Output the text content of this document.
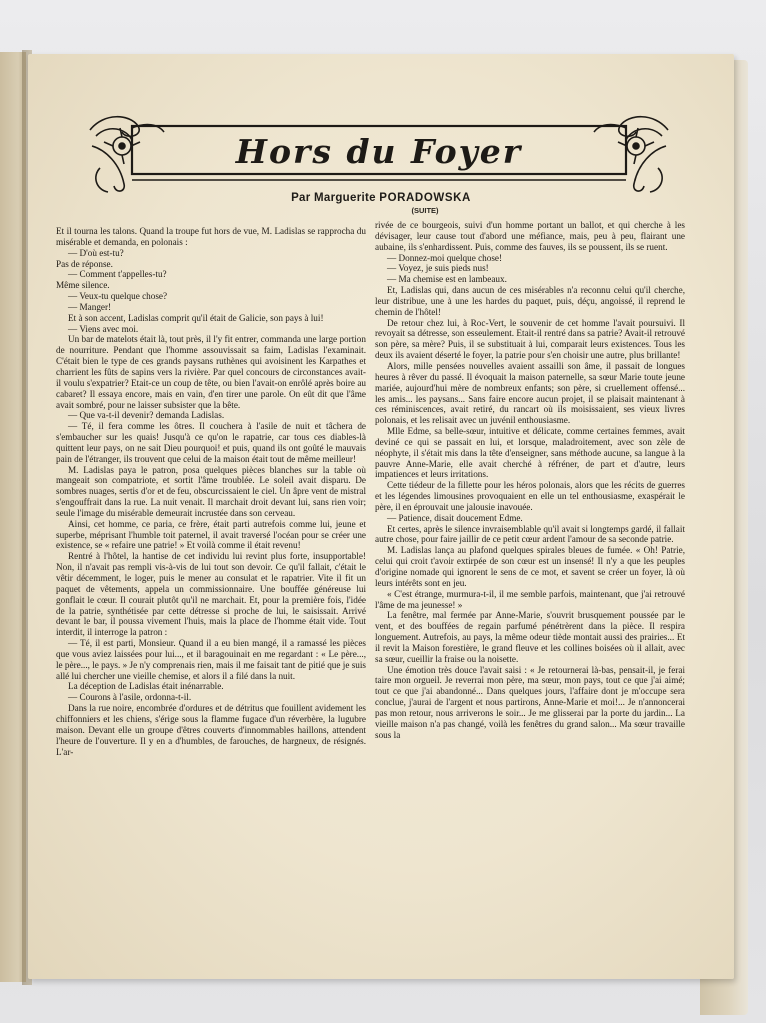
Hors du Foyer
Par Marguerite PORADOWSKA
(SUITE)

Et il tourna les talons. Quand la troupe fut hors de vue, M. Ladislas se rapprocha du misérable et demanda, en polonais :

— D'où est-tu?

Pas de réponse.

— Comment t'appelles-tu?

Même silence.

— Veux-tu quelque chose?

— Manger!

Et à son accent, Ladislas comprit qu'il était de Galicie, son pays à lui!

— Viens avec moi.

Un bar de matelots était là, tout près, il l'y fit entrer, commanda une large portion de nourriture. Pendant que l'homme assouvissait sa faim, Ladislas l'examinait. C'était bien le type de ces grands paysans ruthènes qui avoisinent les Karpathes et charrient les fûts de sapins vers la rivière. Par quel concours de circonstances avait-il voulu s'expatrier? Etait-ce un coup de tête, ou bien l'avait-on enrôlé après boire au cabaret? Il essaya encore, mais en vain, d'en tirer une parole. On eût dit que l'âme avait sombré, pour ne laisser subsister que la bête.

— Que va-t-il devenir? demanda Ladislas.

— Té, il fera comme les ôtres. Il couchera à l'asile de nuit et tâchera de s'embaucher sur les quais! Jusqu'à ce qu'on le rapatrie, car tous ces diables-là quittent leur pays, on ne sait Dieu pourquoi! et puis, quand ils ont goûté le mauvais pain de l'étranger, ils trouvent que celui de la maison était tout de même meilleur!

M. Ladislas paya le patron, posa quelques pièces blanches sur la table où mangeait son compatriote, et sortit l'âme troublée. Le soleil avait disparu. De sombres nuages, sertis d'or et de feu, obscurcissaient le ciel. Un âpre vent de mistral s'engouffrait dans la rue. La nuit venait. Il marchait droit devant lui, sans rien voir; seule l'image du misérable demeurait incrustée dans son cerveau.

Ainsi, cet homme, ce paria, ce frère, était parti autrefois comme lui, jeune et superbe, méprisant l'humble toit paternel, il avait traversé l'océan pour se créer une existence, se « refaire une patrie! » Et voilà comme il était revenu!

Rentré à l'hôtel, la hantise de cet individu lui revint plus forte, insupportable! Non, il n'avait pas rempli vis-à-vis de lui tout son devoir. Ce qu'il fallait, c'était le vêtir décemment, le loger, puis le mener au consulat et le rapatrier. Vite il fit un paquet de vêtements, appela un commissionnaire. Une bouffée généreuse lui gonflait le cœur. Il courait plutôt qu'il ne marchait. Et, pour la première fois, l'idée de la patrie, synthétisée par cette détresse si proche de lui, le saisissait. Arrivé devant le bar, il poussa vivement l'huis, mais la place de l'homme était vide. Tout interdit, il interroge la patron :

— Té, il est parti, Monsieur. Quand il a eu bien mangé, il a ramassé les pièces que vous aviez laissées pour lui..., et il baragouinait en me regardant : « Le père..., le père..., le pays. » Je n'y comprenais rien, mais il me faisait tant de pitié que je suis allé lui chercher une vieille chemise, et alors il a filé dans la nuit.

La déception de Ladislas était inénarrable.

— Courons à l'asile, ordonna-t-il.

Dans la rue noire, encombrée d'ordures et de détritus que fouillent avidement les chiffonniers et les chiens, s'érige sous la flamme fugace d'un réverbère, la lugubre maison. Devant elle un groupe d'êtres couverts d'innommables haillons, attendent l'heure de l'ouverture. Il y en a d'humbles, de farouches, de hargneux, de résignés. L'ar-

rivée de ce bourgeois, suivi d'un homme portant un ballot, et qui cherche à les dévisager, leur cause tout d'abord une méfiance, mais, peu à peu, flairant une aubaine, ils s'enhardissent. Puis, comme des fauves, ils se poussent, ils se ruent.

— Donnez-moi quelque chose!

— Voyez, je suis pieds nus!

— Ma chemise est en lambeaux.

Et, Ladislas qui, dans aucun de ces misérables n'a reconnu celui qu'il cherche, leur distribue, une à une les hardes du paquet, puis, déçu, angoissé, il reprend le chemin de l'hôtel!

De retour chez lui, à Roc-Vert, le souvenir de cet homme l'avait poursuivi. Il revoyait sa détresse, son esseulement. Etait-il rentré dans sa patrie? Avait-il retrouvé son père, sa mère? Puis, il se substituait à lui, comparait leurs existences. Tous les deux ils avaient déserté le foyer, la patrie pour s'en choisir une autre, plus brillante!

Alors, mille pensées nouvelles avaient assailli son âme, il passait de longues heures à rêver du passé. Il évoquait la maison paternelle, sa sœur Marie toute jeune mariée, aujourd'hui mère de nombreux enfants; son père, si cruellement offensé... les amis... les paysans... Sans faire encore aucun projet, il se plaisait maintenant à ces réminiscences, avait retiré, du rancart où ils moisissaient, ses vieux livres polonais, et les relisait avec un juvénil enthousiasme.

Mlle Edme, sa belle-sœur, intuitive et délicate, comme certaines femmes, avait deviné ce qui se passait en lui, et lorsque, maladroitement, avec son zèle de néophyte, il s'était mis dans la tête d'enseigner, sans méthode aucune, sa langue à la pauvre Anne-Marie, elle avait cherché à réfréner, de part et d'autre, leurs impatiences et leurs irritations.

Cette tiédeur de la fillette pour les héros polonais, alors que les récits de guerres et les légendes limousines provoquaient en elle un tel enthousiasme, exaspérait le père, il en éprouvait une jalousie inavouée.

— Patience, disait doucement Edme.

Et certes, après le silence invraisemblable qu'il avait si longtemps gardé, il fallait autre chose, pour faire jaillir de ce petit cœur ardent l'amour de sa seconde patrie.

M. Ladislas lança au plafond quelques spirales bleues de fumée. « Oh! Patrie, celui qui croit t'avoir extirpée de son cœur est un insensé! Il n'y a que les peuples d'origine nomade qui ignorent le sens de ce mot, et savent se créer un foyer, là où leurs intérêts sont en jeu.

« C'est étrange, murmura-t-il, il me semble parfois, maintenant, que j'ai retrouvé l'âme de ma jeunesse! »

La fenêtre, mal fermée par Anne-Marie, s'ouvrit brusquement poussée par le vent, et des bouffées de regain parfumé pénétrèrent dans la pièce. Il respira longuement. Autrefois, au pays, la même odeur tiède montait aussi des prairies... Et il revit la Maison forestière, le grand fleuve et les collines boisées où il allait, avec sa sœur, cueillir la fraise ou la noisette.

Une émotion très douce l'avait saisi : « Je retournerai là-bas, pensait-il, je ferai taire mon orgueil. Je reverrai mon père, ma sœur, mon pays, tout ce que j'ai aimé; tout ce que j'ai abandonné... Dans quelques jours, l'affaire dont je m'occupe sera conclue, j'aurai de l'argent et nous partirons, Anne-Marie et moi!... Je n'annoncerai pas mon retour, nous arriverons le soir... Je me glisserai par la porte du jardin... La vieille maison n'a pas changé, voilà les fenêtres du grand salon... Ma sœur travaille sous la
